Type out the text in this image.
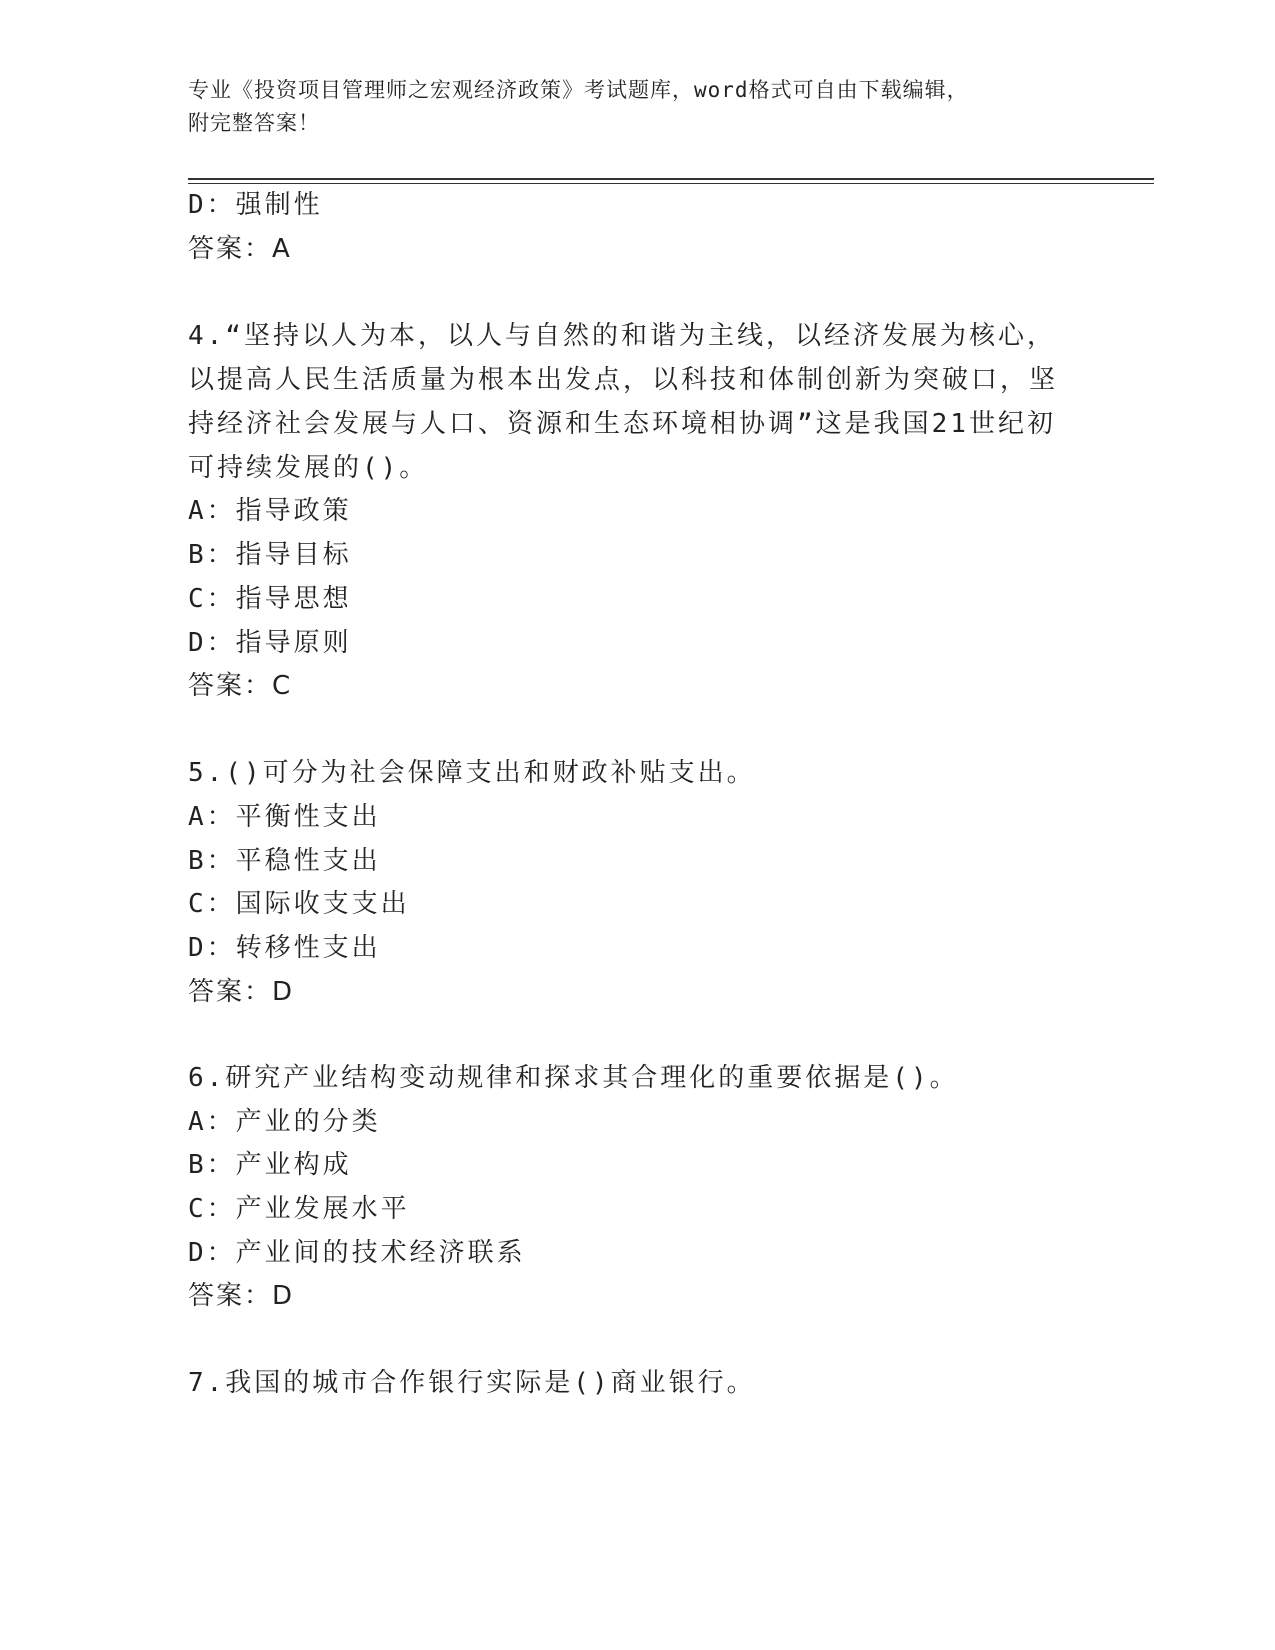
专业《投资项目管理师之宏观经济政策》考试题库，word格式可自由下载编辑，
附完整答案！
D：强制性
答案：A
4.“坚持以人为本，以人与自然的和谐为主线，以经济发展为核心，
以提高人民生活质量为根本出发点，以科技和体制创新为突破口，坚
持经济社会发展与人口、资源和生态环境相协调”这是我国21世纪初
可持续发展的()。
A：指导政策
B：指导目标
C：指导思想
D：指导原则
答案：C
5.()可分为社会保障支出和财政补贴支出。
A：平衡性支出
B：平稳性支出
C：国际收支支出
D：转移性支出
答案：D
6.研究产业结构变动规律和探求其合理化的重要依据是()。
A：产业的分类
B：产业构成
C：产业发展水平
D：产业间的技术经济联系
答案：D
7.我国的城市合作银行实际是()商业银行。
